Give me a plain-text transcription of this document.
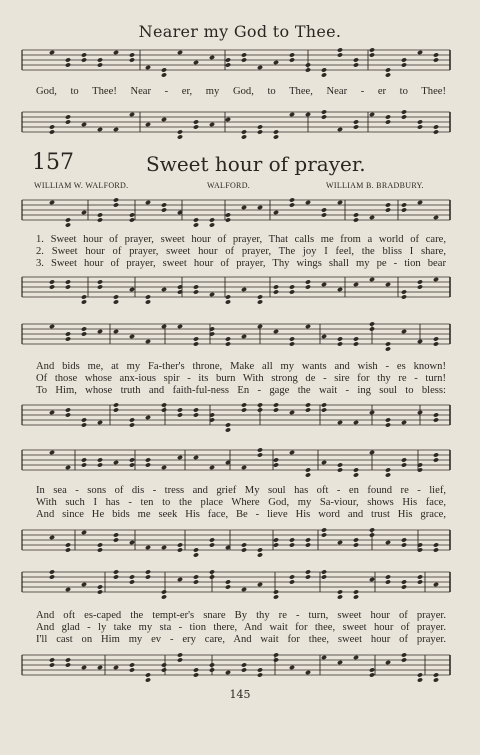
Nearer my God to Thee.
God, to Thee! Near - er, my God, to Thee, Near - er to Thee!
157	Sweet hour of prayer.
WILLIAM W. WALFORD.	WALFORD.	WILLIAM B. BRADBURY.
1. Sweet hour of prayer, sweet hour of prayer, That calls me from a world of care,
2. Sweet hour of prayer, sweet hour of prayer, The joy I feel, the bliss I share,
3. Sweet hour of prayer, sweet hour of prayer, Thy wings shall my pe - tion bear
And bids me, at my Fa-ther's throne, Make all my wants and wish - es known!
Of those whose anx-ious spir - its burn With strong de - sire for thy re - turn!
To Him, whose truth and faith-ful-ness En - gage the wait - ing soul to bless:
In sea - sons of dis - tress and grief My soul has oft - en found re - lief,
With such I has - ten to the place Where God, my Sa-viour, shows His face,
And since He bids me seek His face, Be - lieve His word and trust His grace,
And oft es-caped the tempt-er's snare By thy re - turn, sweet hour of prayer.
And glad - ly take my sta - tion there, And wait for thee, sweet hour of prayer.
I'll cast on Him my ev - ery care, And wait for thee, sweet hour of prayer.
145
